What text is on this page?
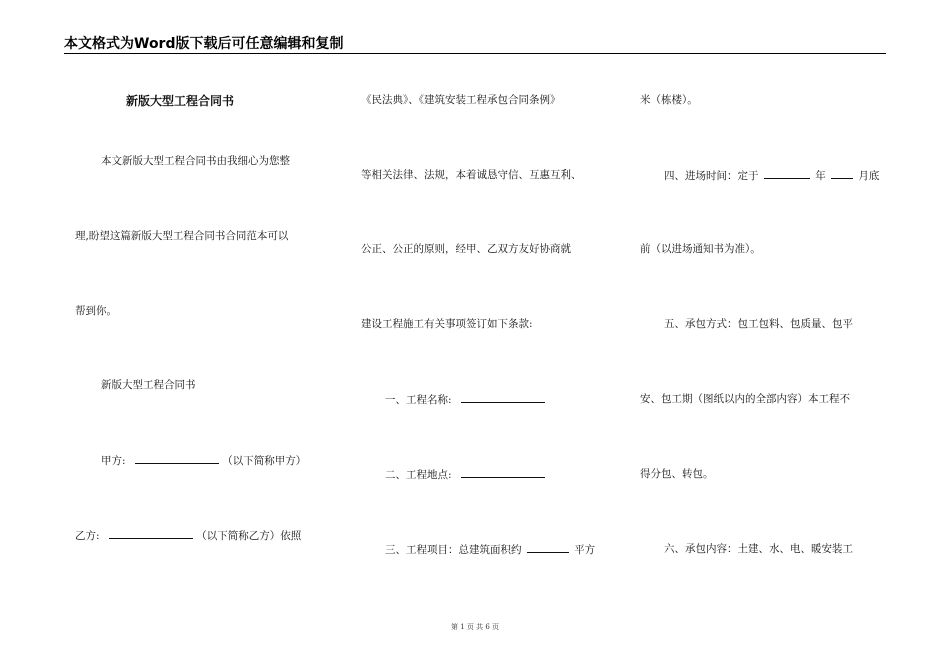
本文格式为Word版下载后可任意编辑和复制
新版大型工程合同书
本文新版大型工程合同书由我细心为您整
理,盼望这篇新版大型工程合同书合同范本可以
帮到你。
新版大型工程合同书
甲方:	（以下简称甲方）
乙方:	（以下简称乙方）依照
《民法典》、《建筑安装工程承包合同条例》
等相关法律、法规，本着诚恳守信、互惠互利、
公正、公正的原则，经甲、乙双方友好协商就
建设工程施工有关事项签订如下条款:
一、工程名称:
二、工程地点:
三、工程项目：总建筑面积约	平方
米（栋楼）。
四、进场时间：定于	年	月底
前（以进场通知书为准）。
五、承包方式：包工包料、包质量、包平
安、包工期（图纸以内的全部内容）本工程不
得分包、转包。
六、承包内容：土建、水、电、暖安装工
第 1 页 共 6 页
